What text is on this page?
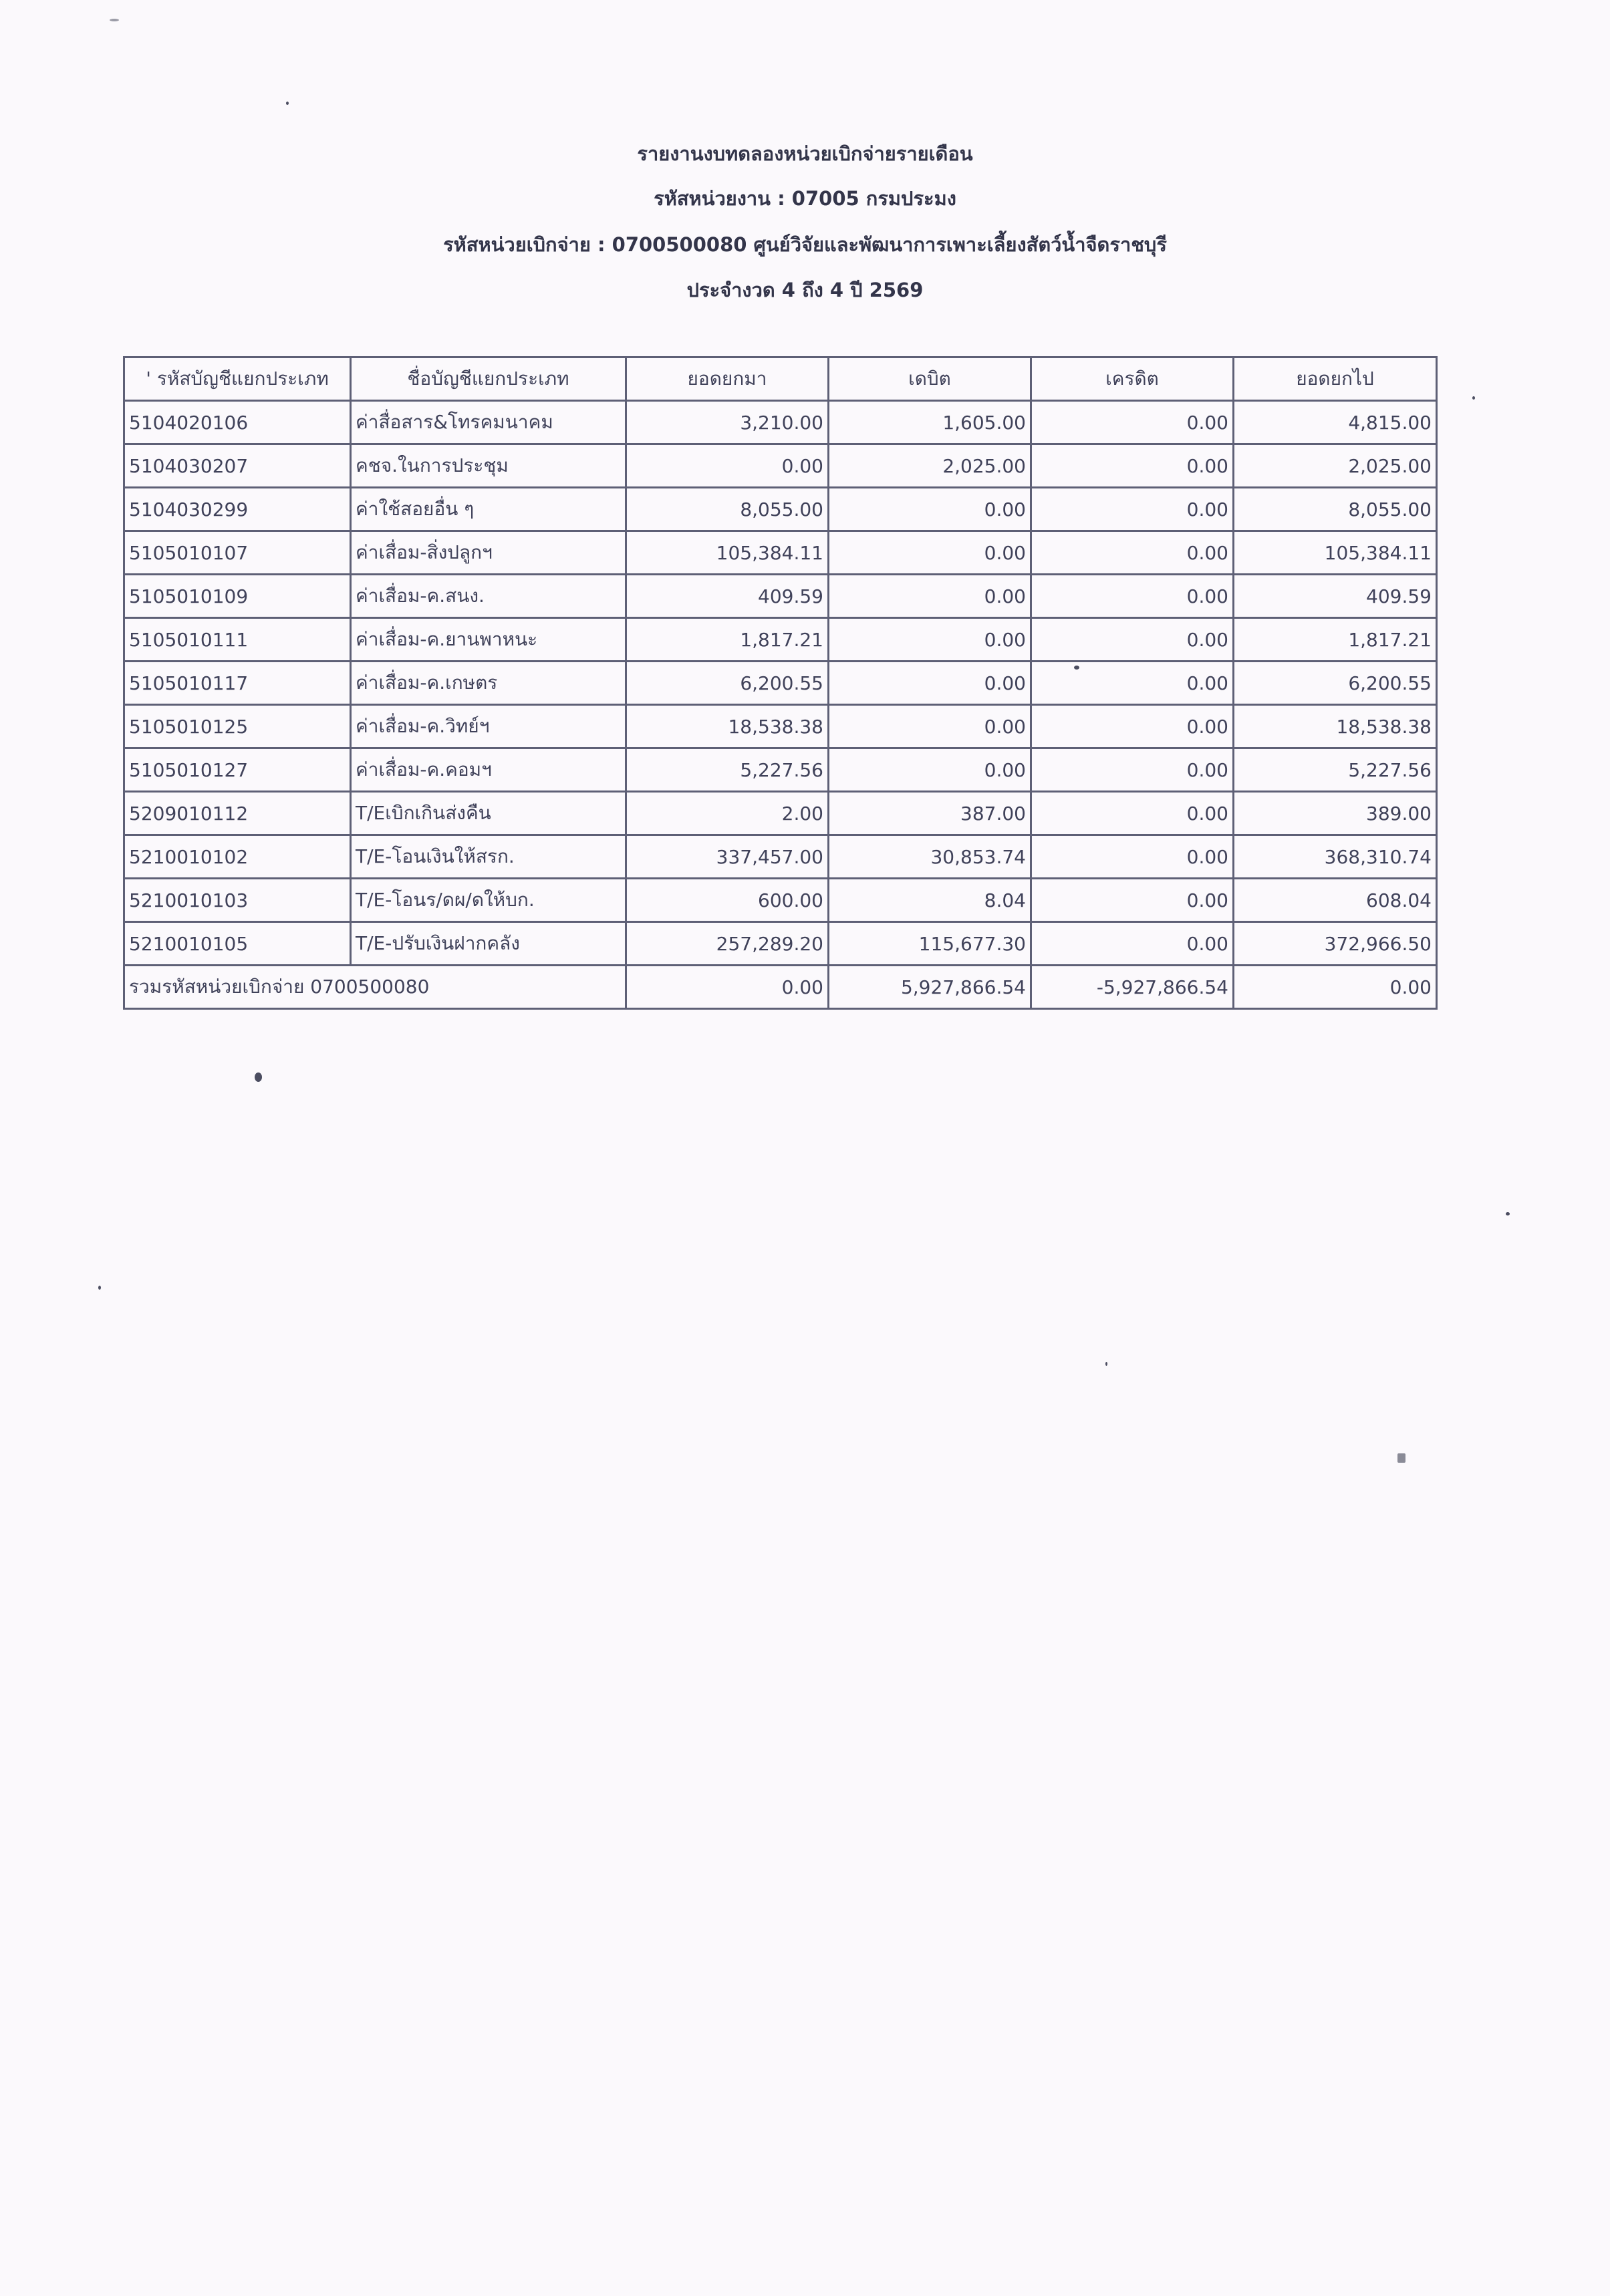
รายงานงบทดลองหน่วยเบิกจ่ายรายเดือน
รหัสหน่วยงาน : 07005 กรมประมง
รหัสหน่วยเบิกจ่าย : 0700500080 ศูนย์วิจัยและพัฒนาการเพาะเลี้ยงสัตว์น้ำจืดราชบุรี
ประจำงวด 4 ถึง 4 ปี 2569
' รหัสบัญชีแยกประเภท	ชื่อบัญชีแยกประเภท	ยอดยกมา	เดบิต	เครดิต	ยอดยกไป
5104020106	ค่าสื่อสาร&โทรคมนาคม	3,210.00	1,605.00	0.00	4,815.00
5104030207	คชจ.ในการประชุม	0.00	2,025.00	0.00	2,025.00
5104030299	ค่าใช้สอยอื่น ๆ	8,055.00	0.00	0.00	8,055.00
5105010107	ค่าเสื่อม-สิ่งปลูกฯ	105,384.11	0.00	0.00	105,384.11
5105010109	ค่าเสื่อม-ค.สนง.	409.59	0.00	0.00	409.59
5105010111	ค่าเสื่อม-ค.ยานพาหนะ	1,817.21	0.00	0.00	1,817.21
5105010117	ค่าเสื่อม-ค.เกษตร	6,200.55	0.00	0.00	6,200.55
5105010125	ค่าเสื่อม-ค.วิทย์ฯ	18,538.38	0.00	0.00	18,538.38
5105010127	ค่าเสื่อม-ค.คอมฯ	5,227.56	0.00	0.00	5,227.56
5209010112	T/Eเบิกเกินส่งคืน	2.00	387.00	0.00	389.00
5210010102	T/E-โอนเงินให้สรก.	337,457.00	30,853.74	0.00	368,310.74
5210010103	T/E-โอนร/ดผ/ดให้บก.	600.00	8.04	0.00	608.04
5210010105	T/E-ปรับเงินฝากคลัง	257,289.20	115,677.30	0.00	372,966.50
รวมรหัสหน่วยเบิกจ่าย 0700500080		0.00	5,927,866.54	-5,927,866.54	0.00
